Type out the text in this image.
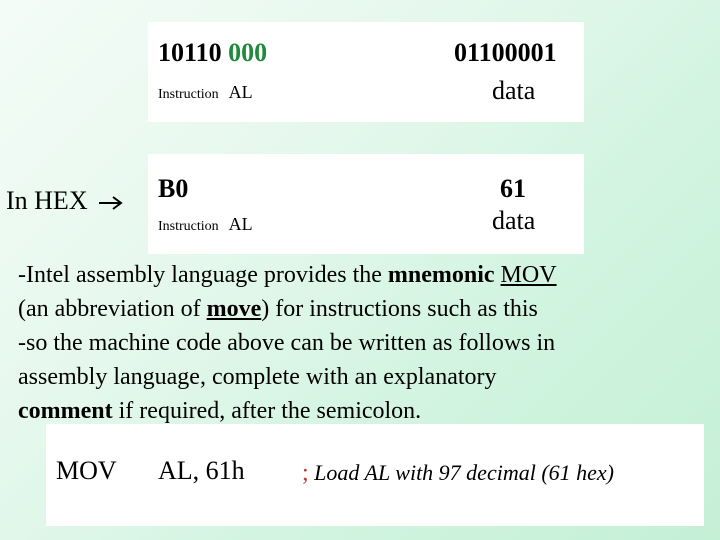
10110 000
Instruction AL
01100001
data
In HEX	B0
Instruction AL
61
data
-Intel assembly language provides the mnemonic MOV
(an abbreviation of move) for instructions such as this
-so the machine code above can be written as follows in
assembly language, complete with an explanatory
comment if required, after the semicolon.
MOV AL, 61h ; Load AL with 97 decimal (61 hex)
